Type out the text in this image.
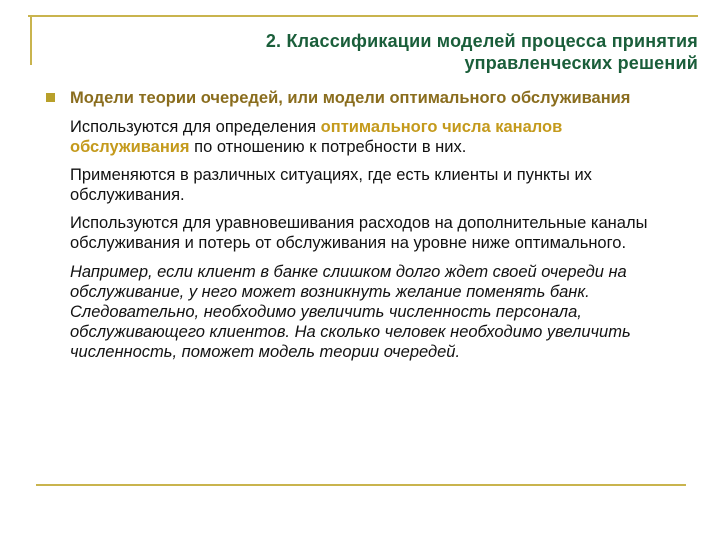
2. Классификации моделей процесса принятия
управленческих решений
Модели теории очередей, или модели оптимального обслуживания
Используются для определения оптимального числа каналов обслуживания по отношению к потребности в них.
Применяются в различных ситуациях, где есть клиенты и пункты их обслуживания.
Используются для уравновешивания расходов на дополнительные каналы обслуживания и потерь от обслуживания на уровне ниже оптимального.
Например, если клиент в банке слишком долго ждет своей очереди на обслуживание, у него может возникнуть желание поменять банк. Следовательно, необходимо увеличить численность персонала, обслуживающего клиентов. На сколько человек необходимо увеличить численность, поможет модель теории очередей.
